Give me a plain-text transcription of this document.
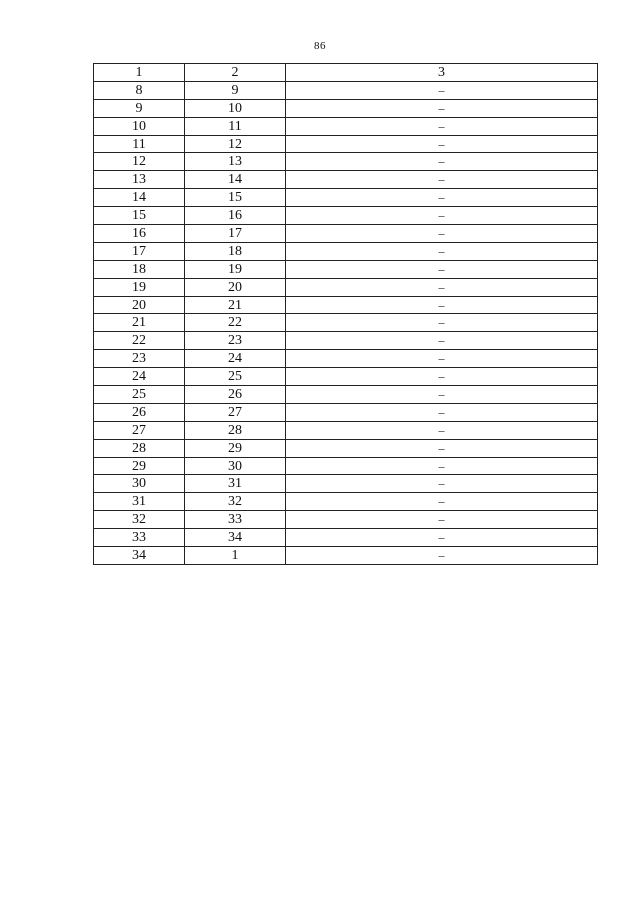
86
1	2	3
8	9	–
9	10	–
10	11	–
11	12	–
12	13	–
13	14	–
14	15	–
15	16	–
16	17	–
17	18	–
18	19	–
19	20	–
20	21	–
21	22	–
22	23	–
23	24	–
24	25	–
25	26	–
26	27	–
27	28	–
28	29	–
29	30	–
30	31	–
31	32	–
32	33	–
33	34	–
34	1	–
